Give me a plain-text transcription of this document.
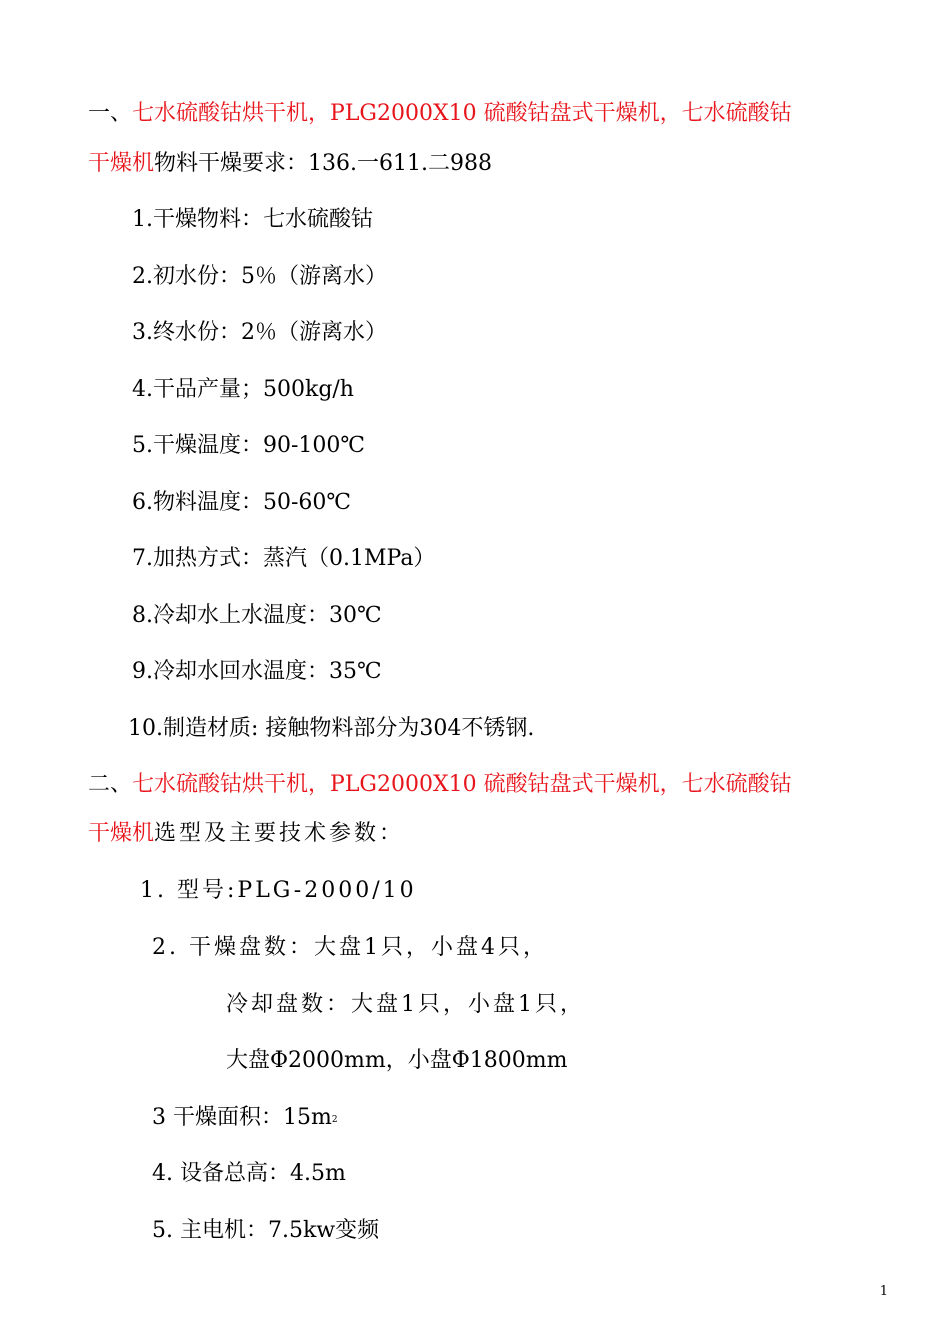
一、七水硫酸钴烘干机，PLG2000X10 硫酸钴盘式干燥机，七水硫酸钴
干燥机物料干燥要求：136.一611.二988
1.干燥物料：七水硫酸钴
2.初水份：5％（游离水）
3.终水份：2％（游离水）
4.干品产量；500kg/h
5.干燥温度：90-100℃
6.物料温度：50-60℃
7.加热方式：蒸汽（0.1MPa）
8.冷却水上水温度：30℃
9.冷却水回水温度：35℃
10.制造材质: 接触物料部分为304不锈钢.
二、七水硫酸钴烘干机，PLG2000X10 硫酸钴盘式干燥机，七水硫酸钴
干燥机选型及主要技术参数：
1. 型号:PLG-2000/10
2. 干燥盘数：大盘1只，小盘4只，
冷却盘数：大盘1只，小盘1只，
大盘Φ2000mm，小盘Φ1800mm
3 干燥面积：$15m^2$
4. 设备总高：4.5m
5. 主电机：7.5kw变频
1
